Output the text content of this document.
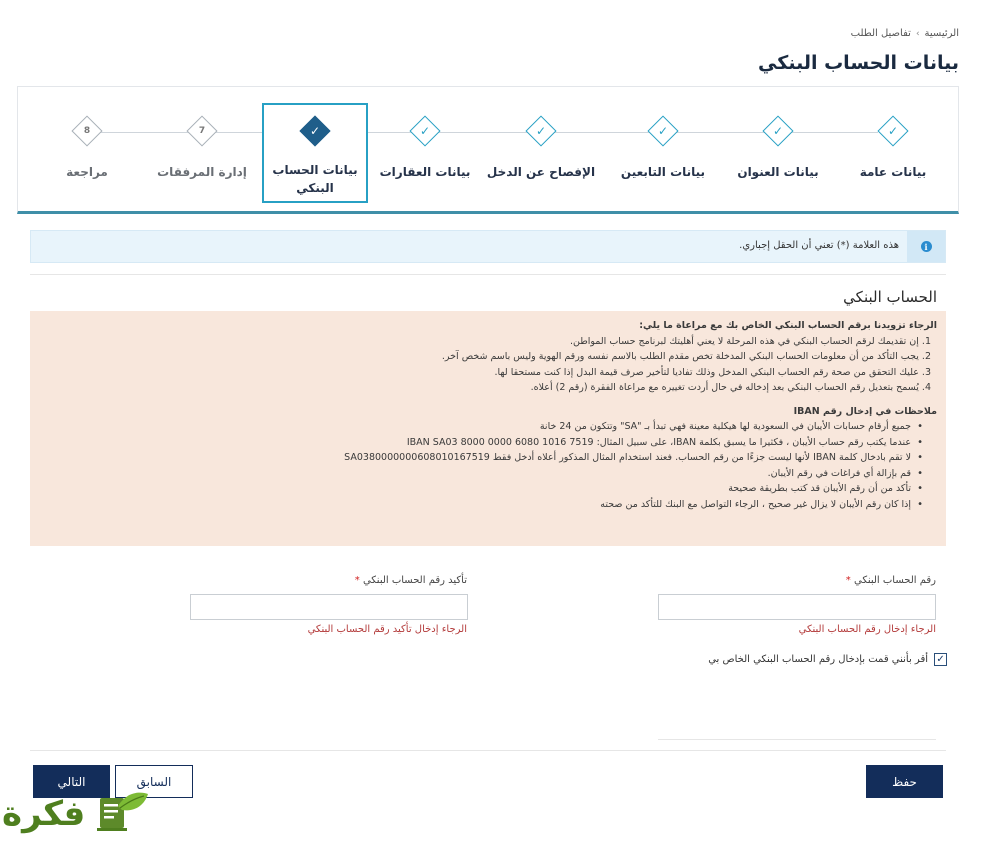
الرئيسية
›
تفاصيل الطلب
بيانات الحساب البنكي
✓
بيانات عامة
✓
بيانات العنوان
✓
بيانات التابعين
✓
الإفصاح عن الدخل
✓
بيانات العقارات
✓
بيانات الحساب البنكي
7
إدارة المرفقات
8
مراجعة
i
هذه العلامة (*) تعني أن الحقل إجباري.
الحساب البنكي
الرجاء تزويدنا برقم الحساب البنكي الخاص بك مع مراعاة ما يلي:
1. إن تقديمك لرقم الحساب البنكي في هذه المرحلة لا يعني أهليتك لبرنامج حساب المواطن.
2. يجب التأكد من أن معلومات الحساب البنكي المدخلة تخص مقدم الطلب بالاسم نفسه ورقم الهوية وليس باسم شخص آخر.
3. عليك التحقق من صحة رقم الحساب البنكي المدخل وذلك تفاديا لتأخير صرف قيمة البدل إذا كنت مستحقا لها.
4. يُسمح بتعديل رقم الحساب البنكي بعد إدخاله في حال أردت تغييره مع مراعاة الفقرة (رقم 2) أعلاه.
ملاحظات في إدخال رقم IBAN
• جميع أرقام حسابات الأيبان في السعودية لها هيكلية معينة فهي تبدأ بـ "SA" وتتكون من 24 خانة
• عندما يكتب رقم حساب الأيبان ، فكثيرا ما يسبق بكلمة IBAN، على سبيل المثال: IBAN SA03 8000 0000 6080 1016 7519
• لا تقم بادخال كلمة IBAN لأنها ليست جزءًا من رقم الحساب. فعند استخدام المثال المذكور أعلاه أدخل فقط SA0380000000608010167519
• قم بإزالة أي فراغات في رقم الأيبان.
• تأكد من أن رقم الأيبان قد كتب بطريقة صحيحة
• إذا كان رقم الأيبان لا يزال غير صحيح ، الرجاء التواصل مع البنك للتأكد من صحته
رقم الحساب البنكي *
الرجاء إدخال رقم الحساب البنكي
تأكيد رقم الحساب البنكي *
الرجاء إدخال تأكيد رقم الحساب البنكي
✓
أقر بأنني قمت بإدخال رقم الحساب البنكي الخاص بي
حفظ
السابق
التالي
فكرة
